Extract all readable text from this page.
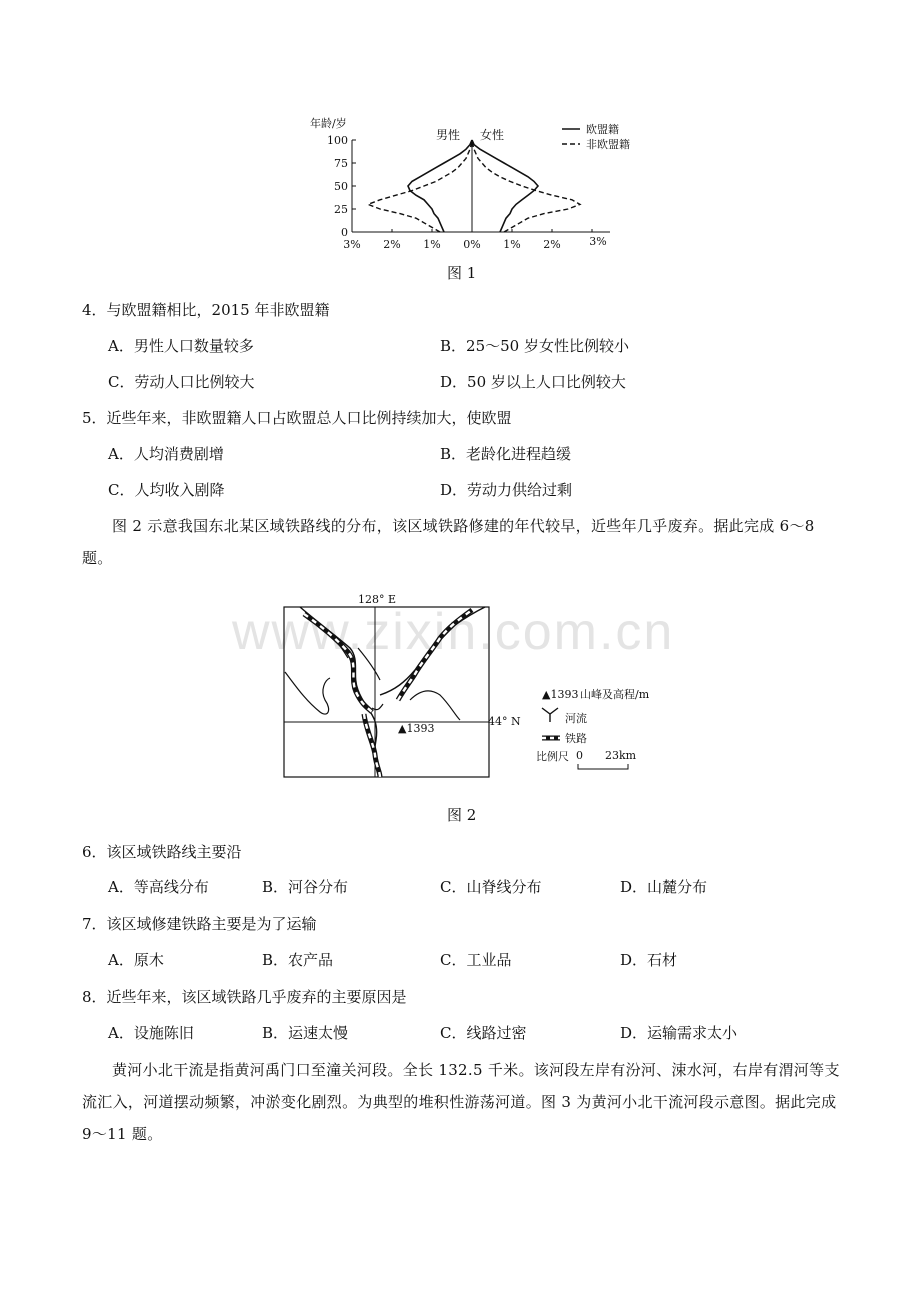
年龄/岁
100
75
50
25
0
3% 2% 1% 0% 1% 2%	3%
男性 女性	欧盟籍
非欧盟籍
图 1
4．与欧盟籍相比，2015 年非欧盟籍
A．男性人口数量较多	B．25～50 岁女性比例较小
C．劳动人口比例较大	D．50 岁以上人口比例较大
5．近些年来，非欧盟籍人口占欧盟总人口比例持续加大，使欧盟
A．人均消费剧增	B．老龄化进程趋缓
C．人均收入剧降	D．劳动力供给过剩
图 2 示意我国东北某区域铁路线的分布，该区域铁路修建的年代较早，近些年几乎废弃。据此完成 6～8 题。
www.zixin.com.cn
128° E
44° N
▲1393
▲1393 山峰及高程/m
河流
铁路
比例尺 0 23km
图 2
6．该区域铁路线主要沿
A．等高线分布	B．河谷分布	C．山脊线分布	D．山麓分布
7．该区域修建铁路主要是为了运输
A．原木	B．农产品	C．工业品	D．石材
8．近些年来，该区域铁路几乎废弃的主要原因是
A．设施陈旧	B．运速太慢	C．线路过密	D．运输需求太小
黄河小北干流是指黄河禹门口至潼关河段。全长 132.5 千米。该河段左岸有汾河、涑水河，右岸有渭河等支流汇入，河道摆动频繁，冲淤变化剧烈。为典型的堆积性游荡河道。图 3 为黄河小北干流河段示意图。据此完成 9～11 题。
